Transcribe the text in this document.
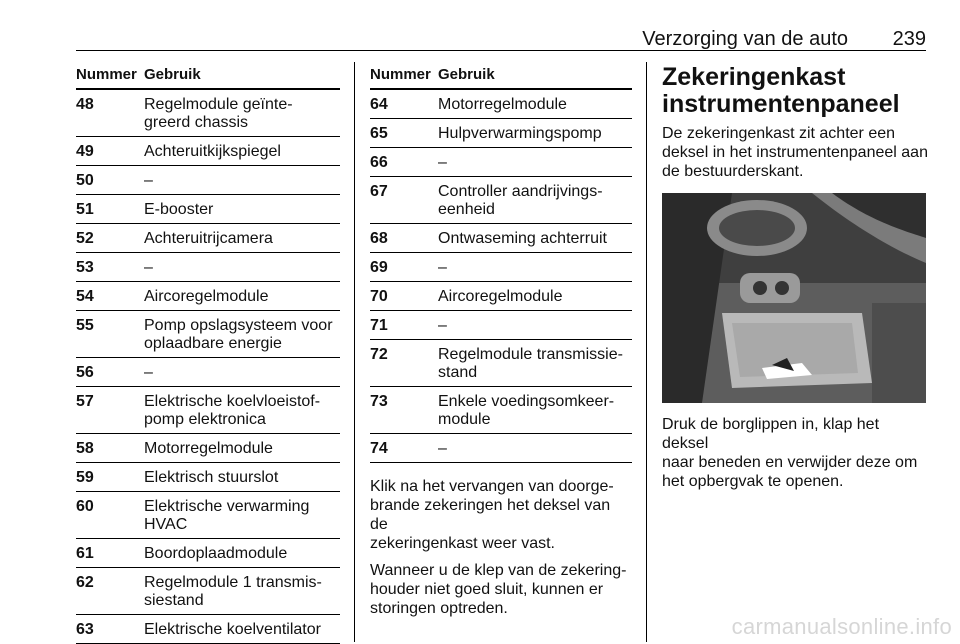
Verzorging van de auto 239
Nummer Gebruik
48	Regelmodule geïnte-
greerd chassis
49	Achteruitkijkspiegel
50	–
51	E-booster
52	Achteruitrijcamera
53	–
54	Aircoregelmodule
55	Pomp opslagsysteem voor
oplaadbare energie
56	–
57	Elektrische koelvloeistof-
pomp elektronica
58	Motorregelmodule
59	Elektrisch stuurslot
60	Elektrische verwarming
HVAC
61	Boordoplaadmodule
62	Regelmodule 1 transmis-
siestand
63	Elektrische koelventilator
Nummer Gebruik
64	Motorregelmodule
65	Hulpverwarmingspomp
66	–
67	Controller aandrijvings-
eenheid
68	Ontwaseming achterruit
69	–
70	Aircoregelmodule
71	–
72	Regelmodule transmissie-
stand
73	Enkele voedingsomkeer-
module
74	–
Klik na het vervangen van doorge-
brande zekeringen het deksel van de
zekeringenkast weer vast.
Wanneer u de klep van de zekering-
houder niet goed sluit, kunnen er
storingen optreden.
Zekeringenkast
instrumentenpaneel
De zekeringenkast zit achter een
deksel in het instrumentenpaneel aan
de bestuurderskant.
Druk de borglippen in, klap het deksel
naar beneden en verwijder deze om
het opbergvak te openen.
carmanualsonline.info
